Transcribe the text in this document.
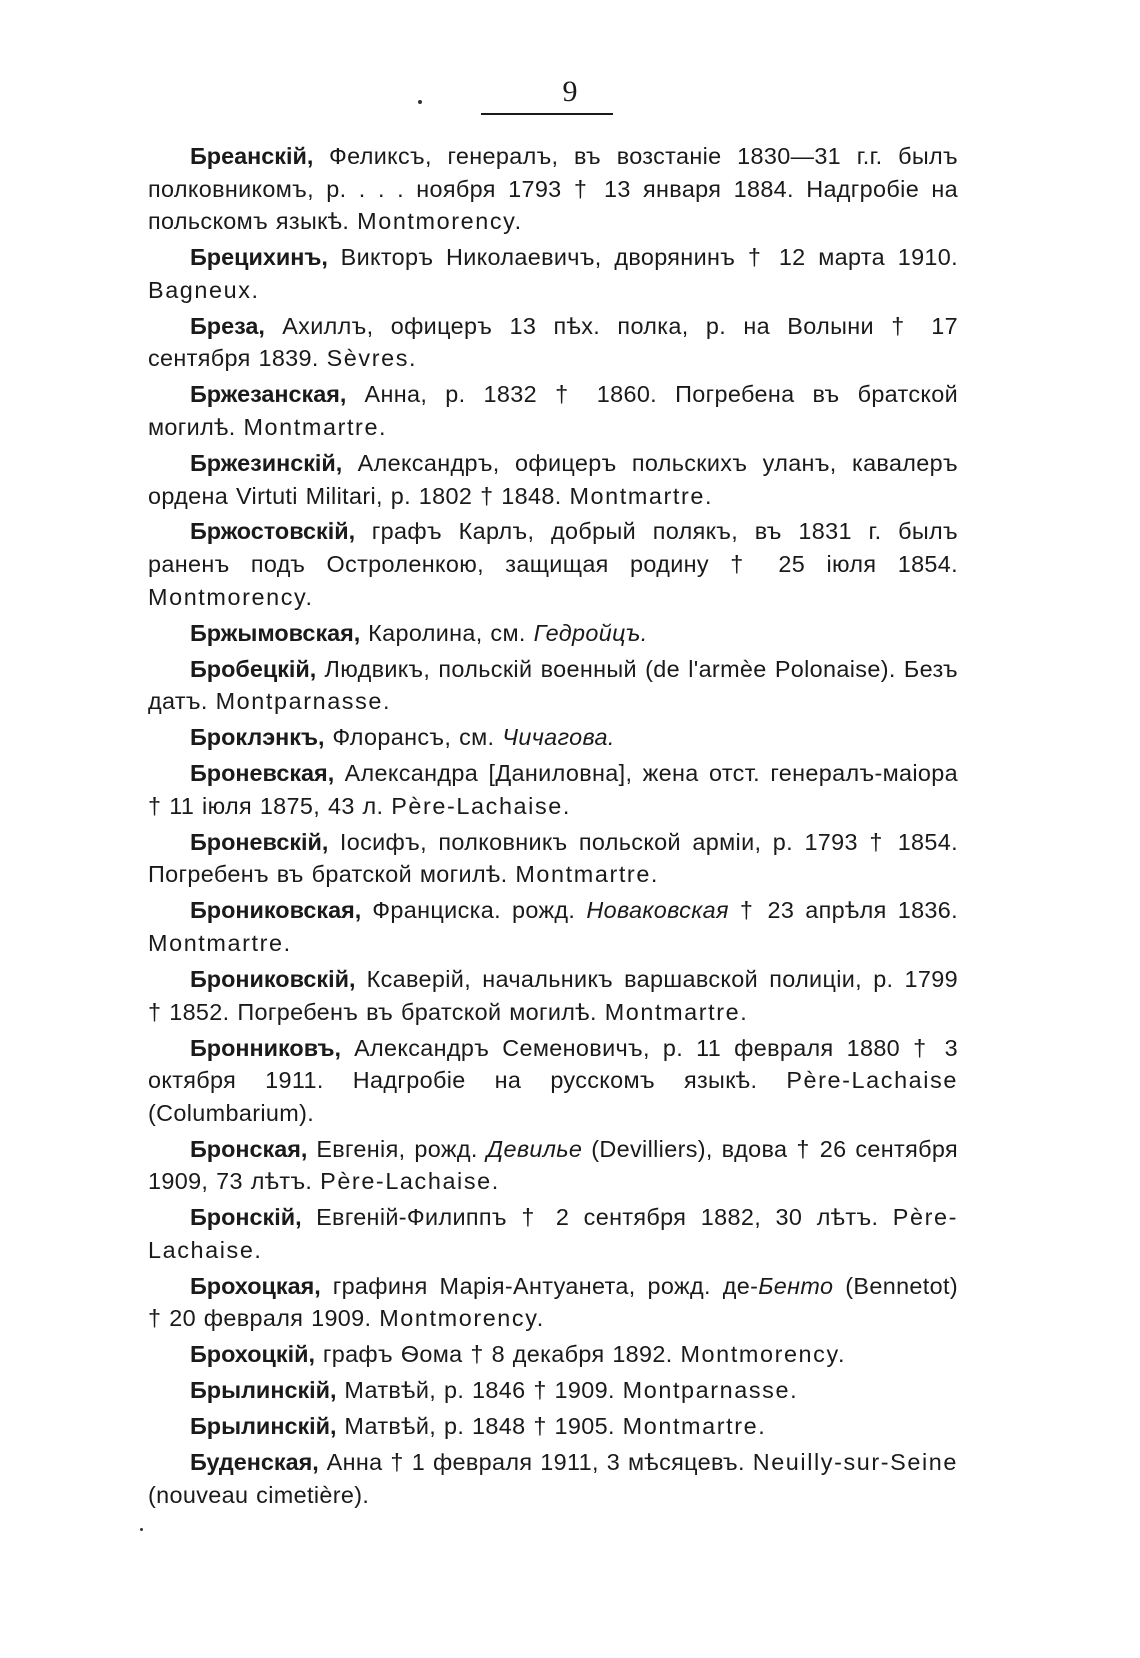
9

Бреанскій, Феликсъ, генералъ, въ возстаніе 1830—31 г.г. былъ полковникомъ, р. . . . ноября 1793 † 13 января 1884. Надгробіе на польскомъ языкѣ. Montmorency.

Брецихинъ, Викторъ Николаевичъ, дворянинъ † 12 марта 1910. Bagneux.

Бреза, Ахиллъ, офицеръ 13 пѣх. полка, р. на Волыни † 17 сентября 1839. Sèvres.

Бржезанская, Анна, р. 1832 † 1860. Погребена въ братской могилѣ. Montmartre.

Бржезинскій, Александръ, офицеръ польскихъ уланъ, кавалеръ ордена Virtuti Militari, р. 1802 † 1848. Montmartre.

Бржостовскій, графъ Карлъ, добрый полякъ, въ 1831 г. былъ раненъ подъ Остроленкою, защищая родину † 25 іюля 1854. Montmorency.

Бржымовская, Каролина, см. Гедройцъ.

Бробецкій, Людвикъ, польскій военный (de l'armèe Polonaise). Безъ датъ. Montparnasse.

Броклэнкъ, Флорансъ, см. Чичагова.

Броневская, Александра [Даниловна], жена отст. генералъ-маіора † 11 іюля 1875, 43 л. Père-Lachaise.

Броневскій, Іосифъ, полковникъ польской арміи, р. 1793 † 1854. Погребенъ въ братской могилѣ. Montmartre.

Брониковская, Франциска. рожд. Новаковская † 23 апрѣля 1836. Montmartre.

Брониковскій, Ксаверій, начальникъ варшавской полиціи, р. 1799 † 1852. Погребенъ въ братской могилѣ. Montmartre.

Бронниковъ, Александръ Семеновичъ, р. 11 февраля 1880 † 3 октября 1911. Надгробіе на русскомъ языкѣ. Père-Lachaise (Columbarium).

Бронская, Евгенія, рожд. Девилье (Devilliers), вдова † 26 сентября 1909, 73 лѣтъ. Père-Lachaise.

Бронскій, Евгеній-Филиппъ † 2 сентября 1882, 30 лѣтъ. Père-Lachaise.

Брохоцкая, графиня Марія-Антуанета, рожд. де-Бенто (Bennetot) † 20 февраля 1909. Montmorency.

Брохоцкій, графъ Ѳома † 8 декабря 1892. Montmorency.

Брылинскій, Матвѣй, р. 1846 † 1909. Montparnasse.

Брылинскій, Матвѣй, р. 1848 † 1905. Montmartre.

Буденская, Анна † 1 февраля 1911, 3 мѣсяцевъ. Neuilly-sur-Seine (nouveau cimetière).
